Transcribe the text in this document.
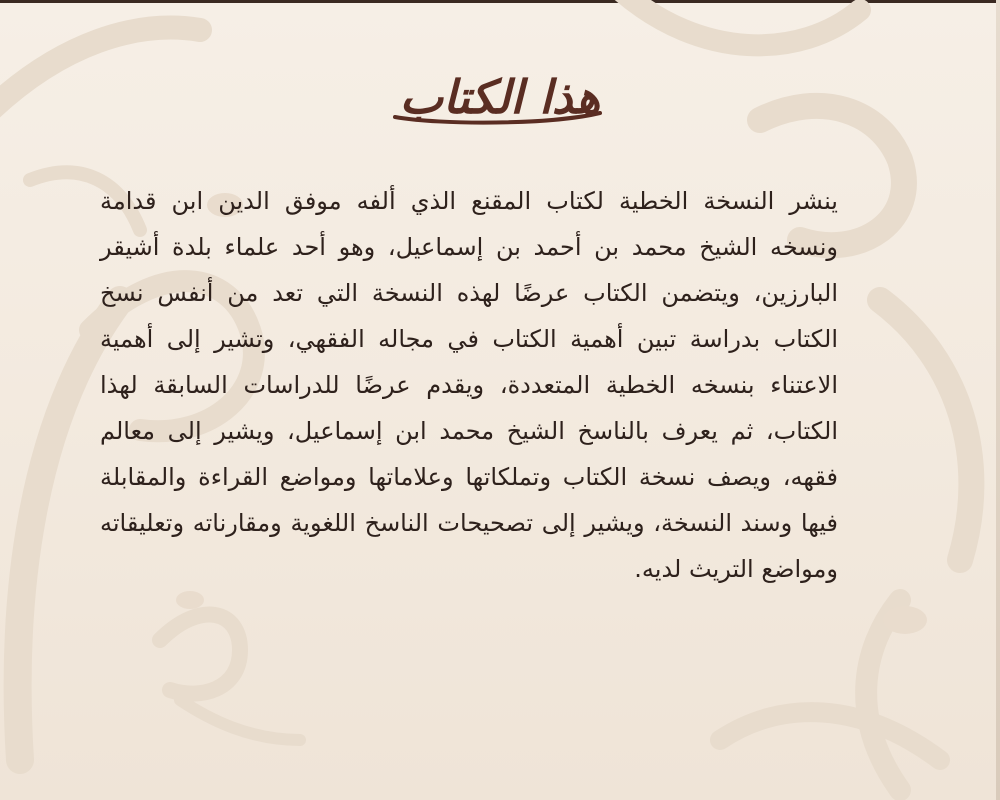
هذا الكتاب

ينشر النسخة الخطية لكتاب المقنع الذي ألفه موفق الدين ابن قدامة ونسخه الشيخ محمد بن أحمد بن إسماعيل، وهو أحد علماء بلدة أشيقر البارزين، ويتضمن الكتاب عرضًا لهذه النسخة التي تعد من أنفس نسخ الكتاب بدراسة تبين أهمية الكتاب في مجاله الفقهي، وتشير إلى أهمية الاعتناء بنسخه الخطية المتعددة، ويقدم عرضًا للدراسات السابقة لهذا الكتاب، ثم يعرف بالناسخ الشيخ محمد ابن إسماعيل، ويشير إلى معالم فقهه، ويصف نسخة الكتاب وتملكاتها وعلاماتها ومواضع القراءة والمقابلة فيها وسند النسخة، ويشير إلى تصحيحات الناسخ اللغوية ومقارناته وتعليقاته ومواضع التريث لديه.
